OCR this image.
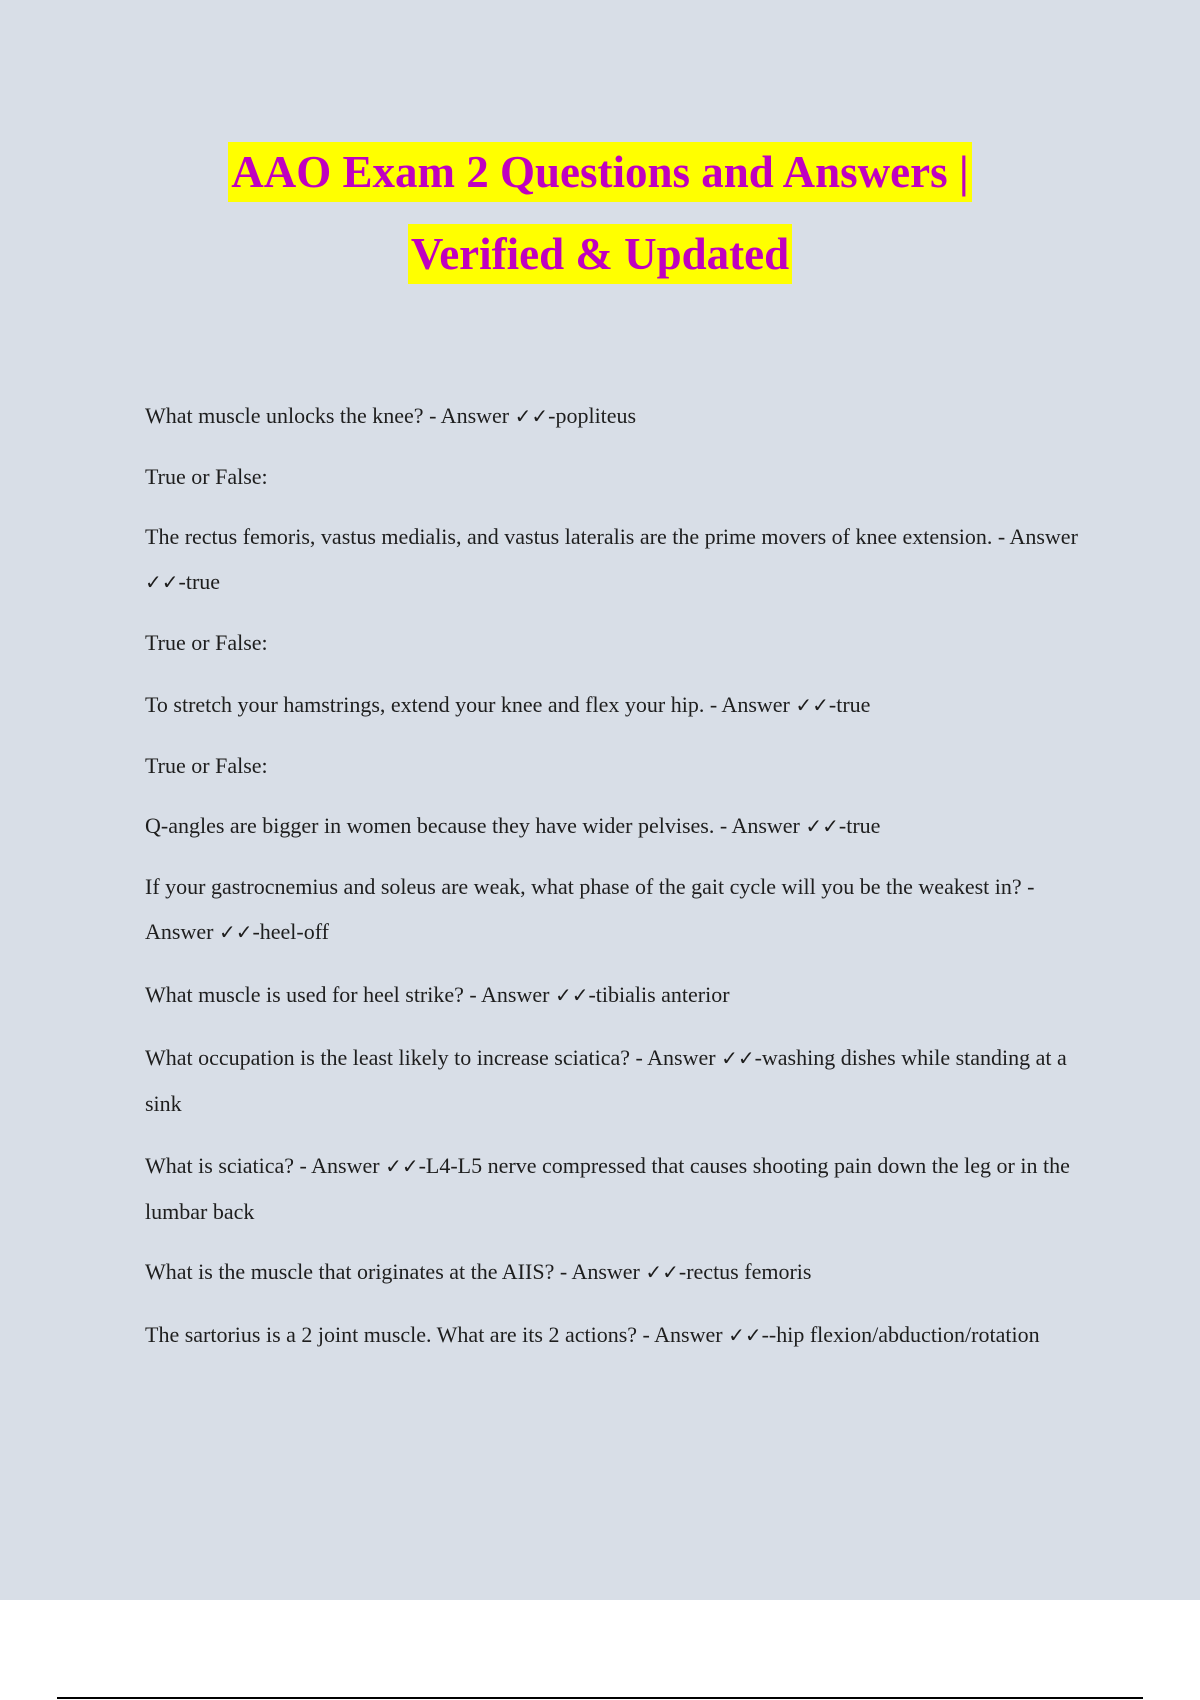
AAO Exam 2 Questions and Answers |
Verified & Updated

What muscle unlocks the knee? - Answer ✓✓-popliteus

True or False:

The rectus femoris, vastus medialis, and vastus lateralis are the prime movers of knee extension. - Answer ✓✓-true

True or False:

To stretch your hamstrings, extend your knee and flex your hip. - Answer ✓✓-true

True or False:

Q-angles are bigger in women because they have wider pelvises. - Answer ✓✓-true

If your gastrocnemius and soleus are weak, what phase of the gait cycle will you be the weakest in? - Answer ✓✓-heel-off

What muscle is used for heel strike? - Answer ✓✓-tibialis anterior

What occupation is the least likely to increase sciatica? - Answer ✓✓-washing dishes while standing at a sink

What is sciatica? - Answer ✓✓-L4-L5 nerve compressed that causes shooting pain down the leg or in the lumbar back

What is the muscle that originates at the AIIS? - Answer ✓✓-rectus femoris

The sartorius is a 2 joint muscle. What are its 2 actions? - Answer ✓✓--hip flexion/abduction/rotation
